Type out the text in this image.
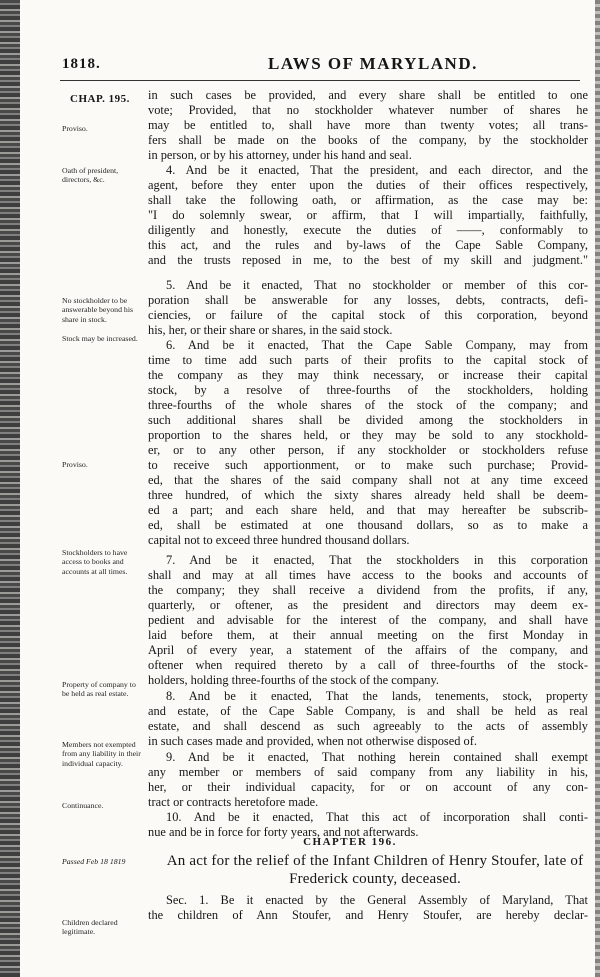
1818.	LAWS OF MARYLAND.
CHAP. 195.
Proviso.
Oath of president, directors, &c.
No stockholder to be answerable beyond his share in stock.
Stock may be increased.
Proviso.
Stockholders to have access to books and accounts at all times.
Property of company to be held as real estate.
Members not exempted from any liability in their individual capacity.
Continuance.
Children declared legitimate.
in such cases be provided, and every share shall be entitled to one
vote; Provided, that no stockholder whatever number of shares he
may be entitled to, shall have more than twenty votes; all trans-
fers shall be made on the books of the company, by the stockholder
in person, or by his attorney, under his hand and seal.
4. And be it enacted, That the president, and each director, and the
agent, before they enter upon the duties of their offices respectively,
shall take the following oath, or affirmation, as the case may be:
"I do solemnly swear, or affirm, that I will impartially, faithfully,
diligently and honestly, execute the duties of ——, conformably to
this act, and the rules and by-laws of the Cape Sable Company,
and the trusts reposed in me, to the best of my skill and judgment."
5. And be it enacted, That no stockholder or member of this cor-
poration shall be answerable for any losses, debts, contracts, defi-
ciencies, or failure of the capital stock of this corporation, beyond
his, her, or their share or shares, in the said stock.
6. And be it enacted, That the Cape Sable Company, may from
time to time add such parts of their profits to the capital stock of
the company as they may think necessary, or increase their capital
stock, by a resolve of three-fourths of the stockholders, holding
three-fourths of the whole shares of the stock of the company; and
such additional shares shall be divided among the stockholders in
proportion to the shares held, or they may be sold to any stockhold-
er, or to any other person, if any stockholder or stockholders refuse
to receive such apportionment, or to make such purchase; Provid-
ed, that the shares of the said company shall not at any time exceed
three hundred, of which the sixty shares already held shall be deem-
ed a part; and each share held, and that may hereafter be subscrib-
ed, shall be estimated at one thousand dollars, so as to make a
capital not to exceed three hundred thousand dollars.
7. And be it enacted, That the stockholders in this corporation
shall and may at all times have access to the books and accounts of
the company; they shall receive a dividend from the profits, if any,
quarterly, or oftener, as the president and directors may deem ex-
pedient and advisable for the interest of the company, and shall have
laid before them, at their annual meeting on the first Monday in
April of every year, a statement of the affairs of the company, and
oftener when required thereto by a call of three-fourths of the stock-
holders, holding three-fourths of the stock of the company.
8. And be it enacted, That the lands, tenements, stock, property
and estate, of the Cape Sable Company, is and shall be held as real
estate, and shall descend as such agreeably to the acts of assembly
in such cases made and provided, when not otherwise disposed of.
9. And be it enacted, That nothing herein contained shall exempt
any member or members of said company from any liability in his,
her, or their individual capacity, for or on account of any con-
tract or contracts heretofore made.
10. And be it enacted, That this act of incorporation shall conti-
nue and be in force for forty years, and not afterwards.
CHAPTER 196.
Passed Feb 18 1819	An act for the relief of the Infant Children of Henry Stoufer, late of Frederick county, deceased.
Sec. 1. Be it enacted by the General Assembly of Maryland, That
the children of Ann Stoufer, and Henry Stoufer, are hereby declar-
